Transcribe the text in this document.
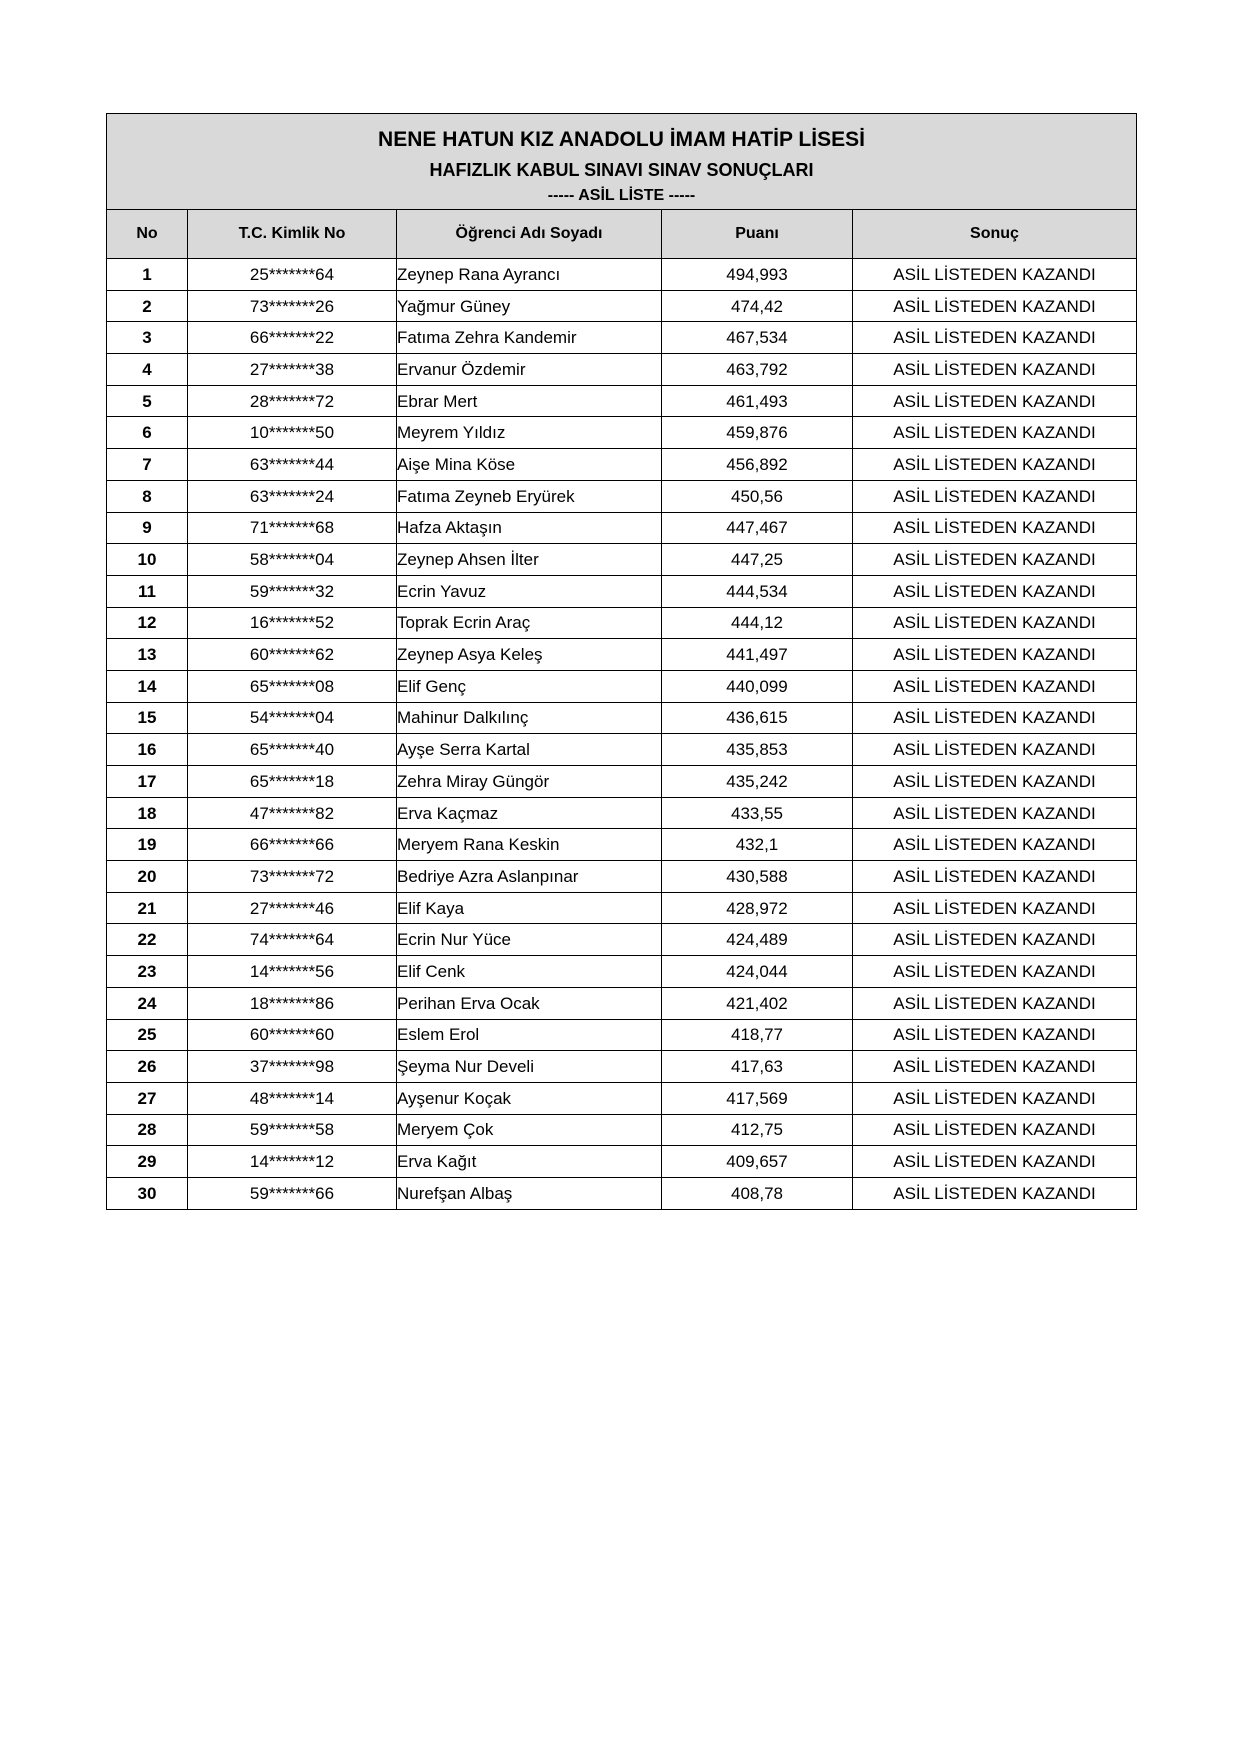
NENE HATUN KIZ ANADOLU İMAM HATİP LİSESİ
HAFIZLIK KABUL SINAVI SINAV SONUÇLARI
----- ASİL LİSTE -----				

No	T.C. Kimlik No	Öğrenci Adı Soyadı	Puanı	Sonuç
1	25*******64	Zeynep Rana Ayrancı	494,993	ASİL LİSTEDEN KAZANDI
2	73*******26	Yağmur Güney	474,42	ASİL LİSTEDEN KAZANDI
3	66*******22	Fatıma Zehra Kandemir	467,534	ASİL LİSTEDEN KAZANDI
4	27*******38	Ervanur Özdemir	463,792	ASİL LİSTEDEN KAZANDI
5	28*******72	Ebrar Mert	461,493	ASİL LİSTEDEN KAZANDI
6	10*******50	Meyrem Yıldız	459,876	ASİL LİSTEDEN KAZANDI
7	63*******44	Aişe Mina Köse	456,892	ASİL LİSTEDEN KAZANDI
8	63*******24	Fatıma Zeyneb Eryürek	450,56	ASİL LİSTEDEN KAZANDI
9	71*******68	Hafza Aktaşın	447,467	ASİL LİSTEDEN KAZANDI
10	58*******04	Zeynep Ahsen İlter	447,25	ASİL LİSTEDEN KAZANDI
11	59*******32	Ecrin Yavuz	444,534	ASİL LİSTEDEN KAZANDI
12	16*******52	Toprak Ecrin Araç	444,12	ASİL LİSTEDEN KAZANDI
13	60*******62	Zeynep Asya Keleş	441,497	ASİL LİSTEDEN KAZANDI
14	65*******08	Elif Genç	440,099	ASİL LİSTEDEN KAZANDI
15	54*******04	Mahinur Dalkılınç	436,615	ASİL LİSTEDEN KAZANDI
16	65*******40	Ayşe Serra Kartal	435,853	ASİL LİSTEDEN KAZANDI
17	65*******18	Zehra Miray Güngör	435,242	ASİL LİSTEDEN KAZANDI
18	47*******82	Erva Kaçmaz	433,55	ASİL LİSTEDEN KAZANDI
19	66*******66	Meryem Rana Keskin	432,1	ASİL LİSTEDEN KAZANDI
20	73*******72	Bedriye Azra Aslanpınar	430,588	ASİL LİSTEDEN KAZANDI
21	27*******46	Elif Kaya	428,972	ASİL LİSTEDEN KAZANDI
22	74*******64	Ecrin Nur Yüce	424,489	ASİL LİSTEDEN KAZANDI
23	14*******56	Elif Cenk	424,044	ASİL LİSTEDEN KAZANDI
24	18*******86	Perihan Erva Ocak	421,402	ASİL LİSTEDEN KAZANDI
25	60*******60	Eslem Erol	418,77	ASİL LİSTEDEN KAZANDI
26	37*******98	Şeyma Nur Develi	417,63	ASİL LİSTEDEN KAZANDI
27	48*******14	Ayşenur Koçak	417,569	ASİL LİSTEDEN KAZANDI
28	59*******58	Meryem Çok	412,75	ASİL LİSTEDEN KAZANDI
29	14*******12	Erva Kağıt	409,657	ASİL LİSTEDEN KAZANDI
30	59*******66	Nurefşan Albaş	408,78	ASİL LİSTEDEN KAZANDI
